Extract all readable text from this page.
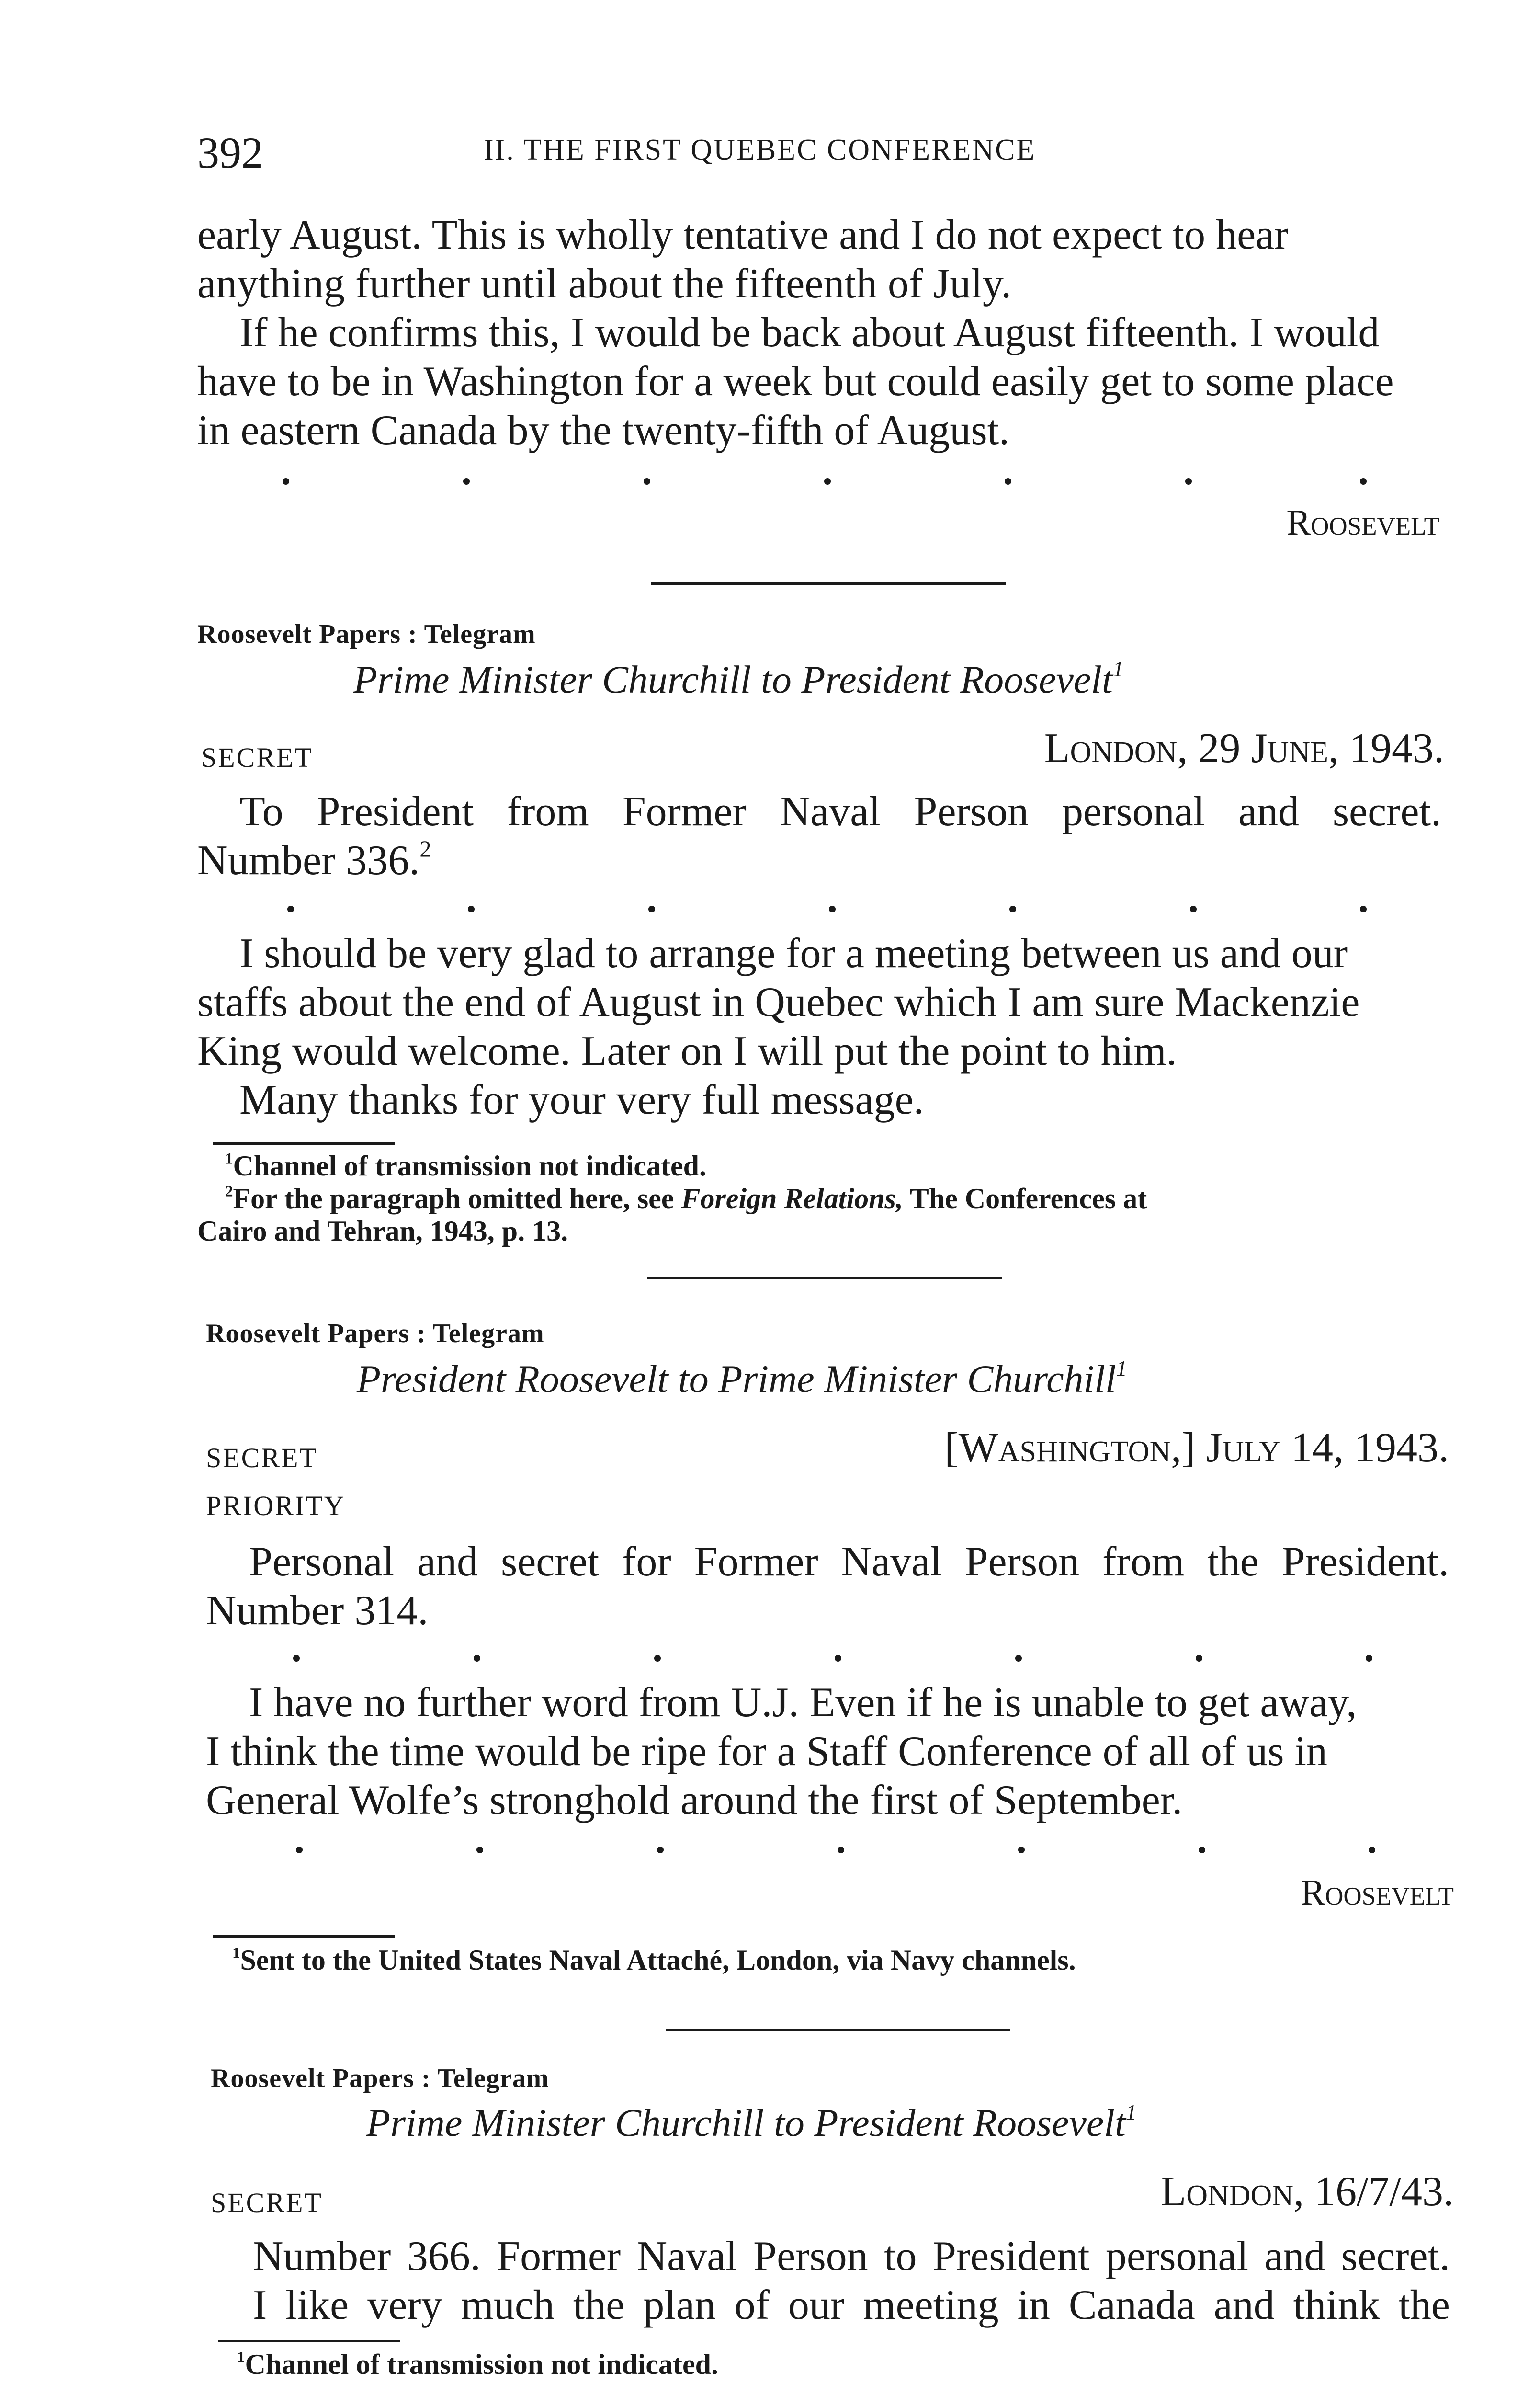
392	II. THE FIRST QUEBEC CONFERENCE
early August. This is wholly tentative and I do not expect to hear
anything further until about the fifteenth of July.
If he confirms this, I would be back about August fifteenth. I would
have to be in Washington for a week but could easily get to some place
in eastern Canada by the twenty-fifth of August.
Roosevelt
Roosevelt Papers : Telegram
Prime Minister Churchill to President Roosevelt$^1$
SECRET	London, 29 June, 1943.
To President from Former Naval Person personal and secret.
Number 336.$^2$
I should be very glad to arrange for a meeting between us and our
staffs about the end of August in Quebec which I am sure Mackenzie
King would welcome. Later on I will put the point to him.
Many thanks for your very full message.
$^1$Channel of transmission not indicated.
$^2$For the paragraph omitted here, see Foreign Relations, The Conferences at
Cairo and Tehran, 1943, p. 13.
Roosevelt Papers : Telegram
President Roosevelt to Prime Minister Churchill$^1$
SECRET	[Washington,] July 14, 1943.
PRIORITY
Personal and secret for Former Naval Person from the President.
Number 314.
I have no further word from U.J. Even if he is unable to get away,
I think the time would be ripe for a Staff Conference of all of us in
General Wolfe’s stronghold around the first of September.
Roosevelt
$^1$Sent to the United States Naval Attaché, London, via Navy channels.
Roosevelt Papers : Telegram
Prime Minister Churchill to President Roosevelt$^1$
SECRET	London, 16/7/43.
Number 366. Former Naval Person to President personal and secret.
I like very much the plan of our meeting in Canada and think the
$^1$Channel of transmission not indicated.
